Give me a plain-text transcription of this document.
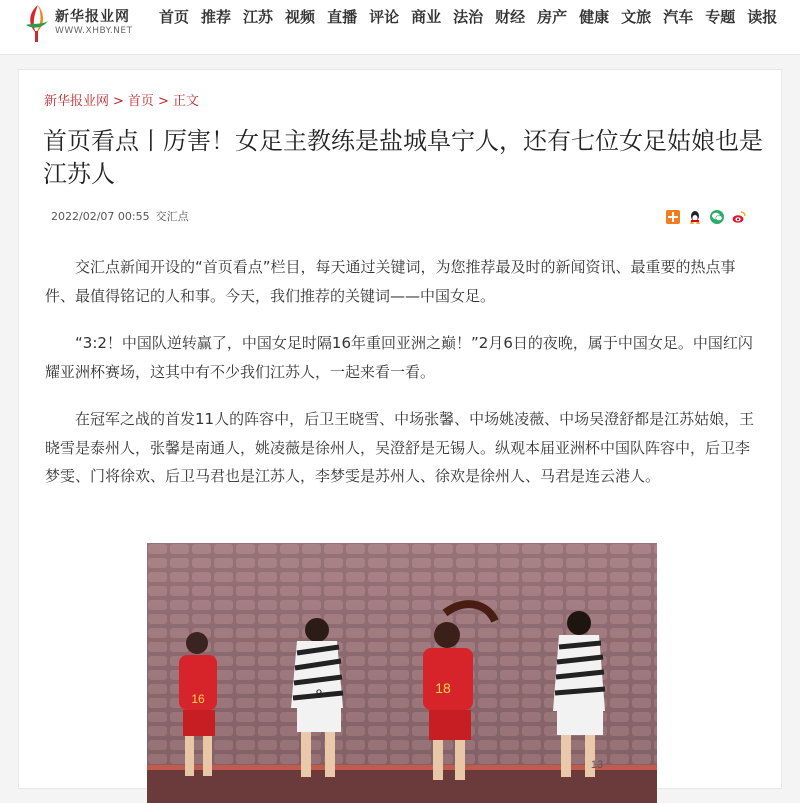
新华报业网
WWW.XHBY.NET
首页 推荐 江苏 视频 直播 评论 商业 法治 财经 房产 健康 文旅 汽车 专题 读报
新华报业网 > 首页 > 正文
首页看点丨厉害！女足主教练是盐城阜宁人，还有七位女足姑娘也是江苏人
2022/02/07 00:55 交汇点

交汇点新闻开设的“首页看点”栏目，每天通过关键词，为您推荐最及时的新闻资讯、最重要的热点事件、最值得铭记的人和事。今天，我们推荐的关键词——中国女足。

“3:2！中国队逆转赢了，中国女足时隔16年重回亚洲之巅！”2月6日的夜晚，属于中国女足。中国红闪耀亚洲杯赛场，这其中有不少我们江苏人，一起来看一看。

在冠军之战的首发11人的阵容中，后卫王晓雪、中场张馨、中场姚凌薇、中场吴澄舒都是江苏姑娘，王晓雪是泰州人，张馨是南通人，姚凌薇是徐州人，吴澄舒是无锡人。纵观本届亚洲杯中国队阵容中，后卫李梦雯、门将徐欢、后卫马君也是江苏人，李梦雯是苏州人、徐欢是徐州人、马君是连云港人。

16	8	18
13
